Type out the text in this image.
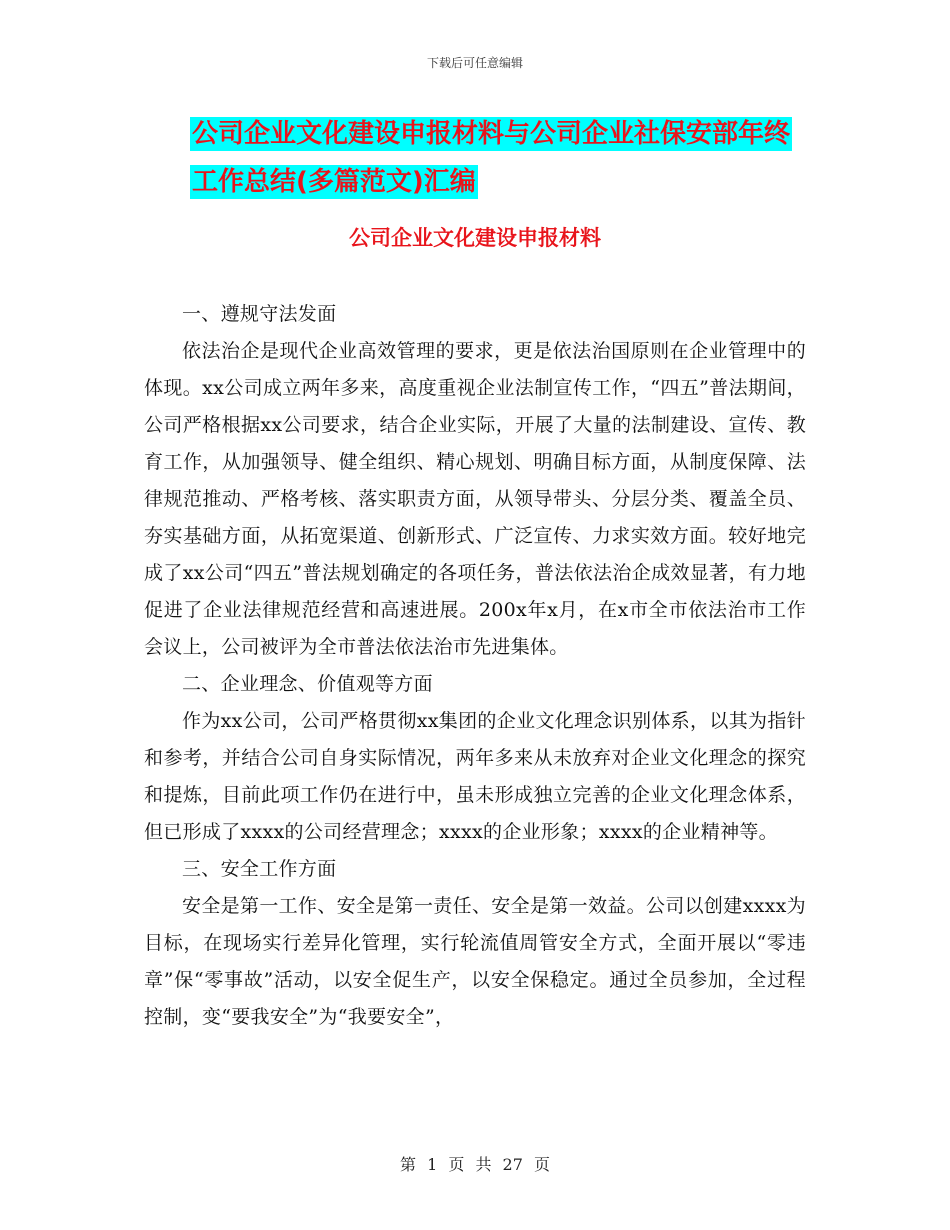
下载后可任意编辑
公司企业文化建设申报材料与公司企业社保安部年终
工作总结(多篇范文)汇编
公司企业文化建设申报材料

一、遵规守法发面

依法治企是现代企业高效管理的要求，更是依法治国原则在企业管理中的体现。xx公司成立两年多来，高度重视企业法制宣传工作，“四五”普法期间，公司严格根据xx公司要求，结合企业实际，开展了大量的法制建设、宣传、教育工作，从加强领导、健全组织、精心规划、明确目标方面，从制度保障、法律规范推动、严格考核、落实职责方面，从领导带头、分层分类、覆盖全员、夯实基础方面，从拓宽渠道、创新形式、广泛宣传、力求实效方面。较好地完成了xx公司“四五”普法规划确定的各项任务，普法依法治企成效显著，有力地促进了企业法律规范经营和高速进展。200x年x月，在x市全市依法治市工作会议上，公司被评为全市普法依法治市先进集体。

二、企业理念、价值观等方面

作为xx公司，公司严格贯彻xx集团的企业文化理念识别体系，以其为指针和参考，并结合公司自身实际情况，两年多来从未放弃对企业文化理念的探究和提炼，目前此项工作仍在进行中，虽未形成独立完善的企业文化理念体系，但已形成了xxxx的公司经营理念；xxxx的企业形象；xxxx的企业精神等。

三、安全工作方面

安全是第一工作、安全是第一责任、安全是第一效益。公司以创建xxxx为目标，在现场实行差异化管理，实行轮流值周管安全方式，全面开展以“零违章”保“零事故”活动，以安全促生产，以安全保稳定。通过全员参加，全过程控制，变“要我安全”为“我要安全”，

第 1 页 共 27 页
